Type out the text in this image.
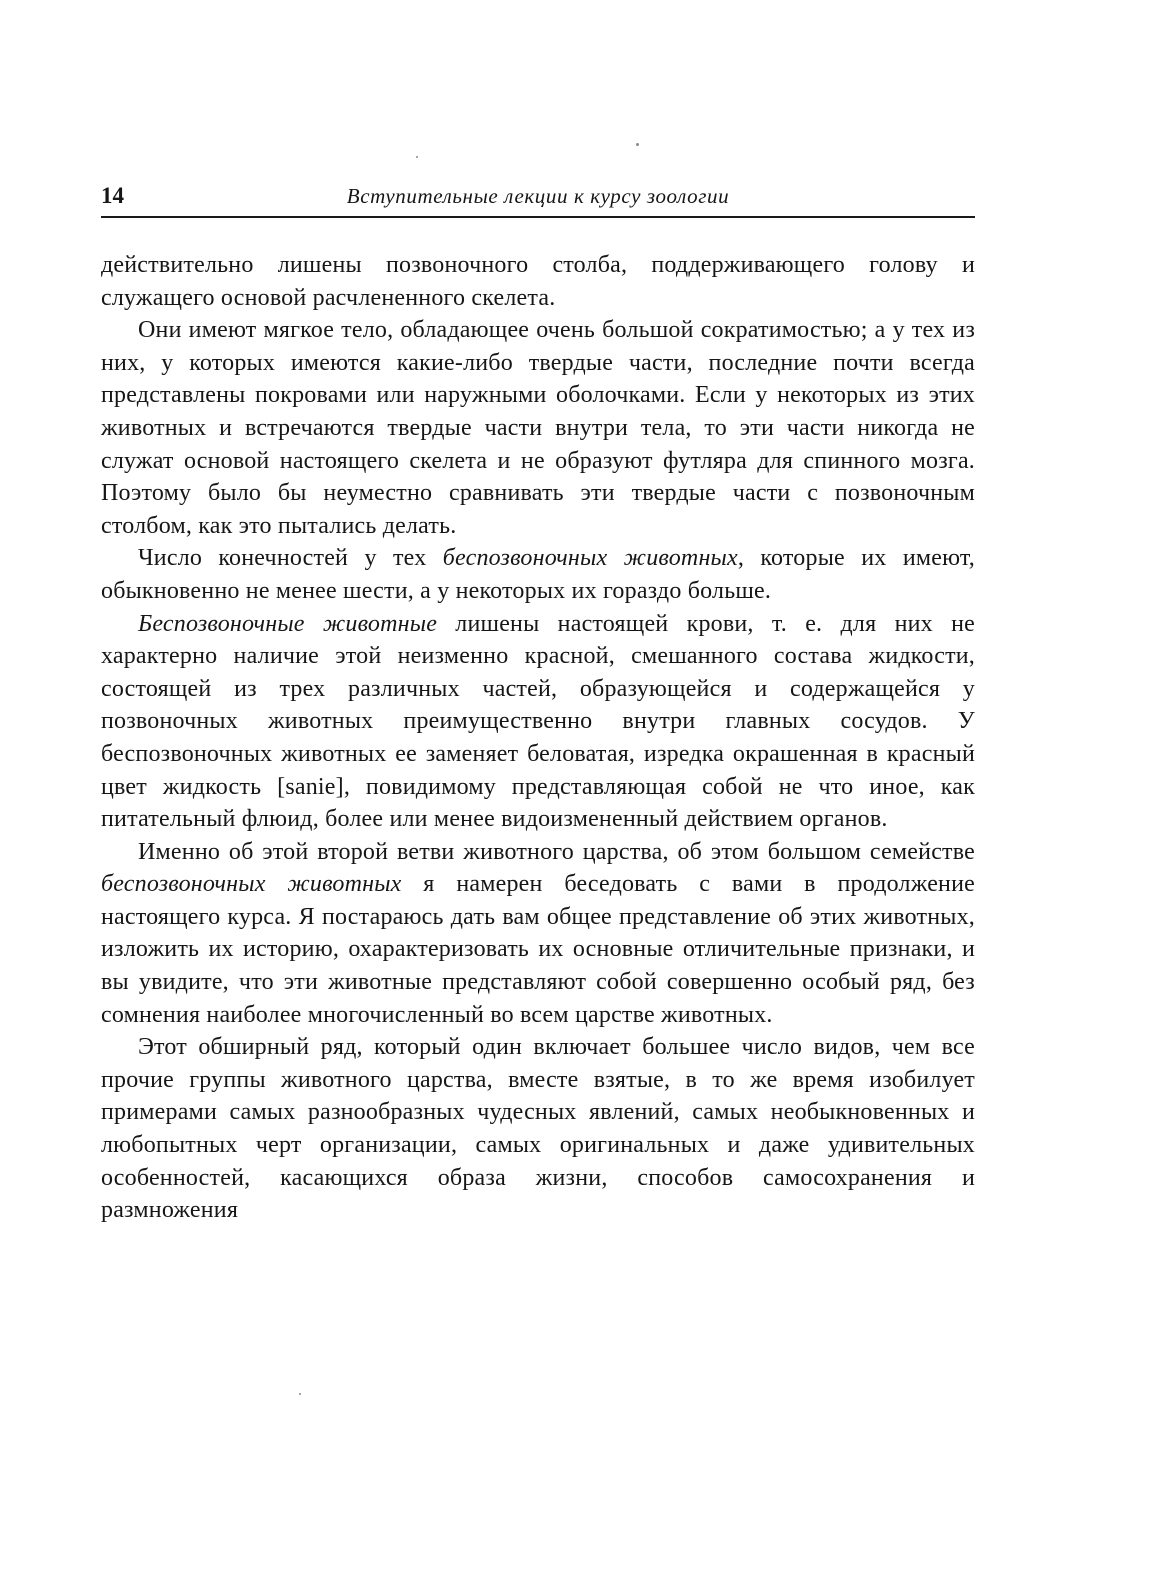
14	Вступительные лекции к курсу зоологии

действительно лишены позвоночного столба, поддерживающего голову и служащего основой расчлененного скелета.

Они имеют мягкое тело, обладающее очень большой сократимостью; а у тех из них, у которых имеются какие-либо твердые части, последние почти всегда представлены покровами или наружными оболочками. Если у некоторых из этих животных и встречаются твердые части внутри тела, то эти части никогда не служат основой настоящего скелета и не образуют футляра для спинного мозга. Поэтому было бы неуместно сравнивать эти твердые части с позвоночным столбом, как это пытались делать.

Число конечностей у тех беспозвоночных животных, которые их имеют, обыкновенно не менее шести, а у некоторых их гораздо больше.

Беспозвоночные животные лишены настоящей крови, т. е. для них не характерно наличие этой неизменно красной, смешанного состава жидкости, состоящей из трех различных частей, образующейся и содержащейся у позвоночных животных преимущественно внутри главных сосудов. У беспозвоночных животных ее заменяет беловатая, изредка окрашенная в красный цвет жидкость [sanie], повидимому представляющая собой не что иное, как питательный флюид, более или менее видоизмененный действием органов.

Именно об этой второй ветви животного царства, об этом большом семействе беспозвоночных животных я намерен беседовать с вами в продолжение настоящего курса. Я постараюсь дать вам общее представление об этих животных, изложить их историю, охарактеризовать их основные отличительные признаки, и вы увидите, что эти животные представляют собой совершенно особый ряд, без сомнения наиболее многочисленный во всем царстве животных.

Этот обширный ряд, который один включает большее число видов, чем все прочие группы животного царства, вместе взятые, в то же время изобилует примерами самых разнообразных чудесных явлений, самых необыкновенных и любопытных черт организации, самых оригинальных и даже удивительных особенностей, касающихся образа жизни, способов самосохранения и размножения
